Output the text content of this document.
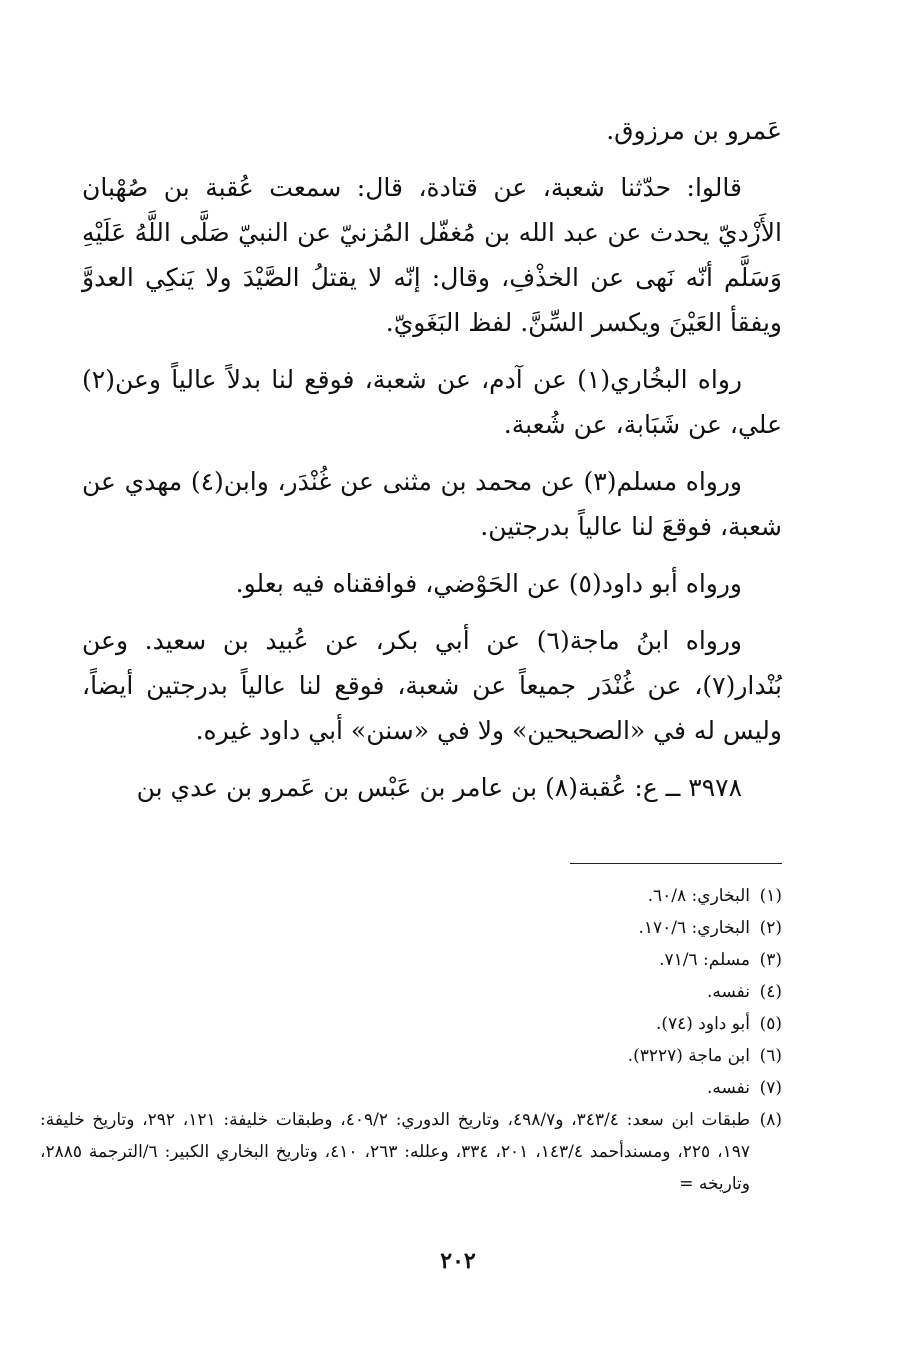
عَمرو بن مرزوق.

قالوا: حدّثنا شعبة، عن قتادة، قال: سمعت عُقبة بن صُهْبان الأَزْديّ يحدث عن عبد الله بن مُغفّل المُزنيّ عن النبيّ صَلَّى اللَّهُ عَلَيْهِ وَسَلَّم أنّه نَهى عن الخذْفِ، وقال: إنّه لا يقتلُ الصَّيْدَ ولا يَنكِي العدوَّ ويفقأ العَيْنَ ويكسر السِّنَّ. لفظ البَغَويّ.

رواه البخُاري(١) عن آدم، عن شعبة، فوقع لنا بدلاً عالياً وعن(٢) علي، عن شَبَابة، عن شُعبة.

ورواه مسلم(٣) عن محمد بن مثنى عن غُنْدَر، وابن(٤) مهدي عن شعبة، فوقعَ لنا عالياً بدرجتين.

ورواه أبو داود(٥) عن الحَوْضي، فوافقناه فيه بعلو.

ورواه ابنُ ماجة(٦) عن أبي بكر، عن عُبيد بن سعيد. وعن بُنْدار(٧)، عن غُنْدَر جميعاً عن شعبة، فوقع لنا عالياً بدرجتين أيضاً، وليس له في «الصحيحين» ولا في «سنن» أبي داود غيره.

٣٩٧٨ ــ ع: عُقبة(٨) بن عامر بن عَبْس بن عَمرو بن عدي بن

(١)البخاري: ٦٠/٨.

(٢)البخاري: ١٧٠/٦.

(٣)مسلم: ٧١/٦.

(٤)نفسه.

(٥)أبو داود (٧٤).

(٦)ابن ماجة (٣٢٢٧).

(٧)نفسه.

(٨)طبقات ابن سعد: ٣٤٣/٤، و٤٩٨/٧، وتاريخ الدوري: ٤٠٩/٢، وطبقات خليفة: ١٢١، ٢٩٢، وتاريخ خليفة: ١٩٧، ٢٢٥، ومسندأحمد ١٤٣/٤، ٢٠١، ٣٣٤، وعلله: ٢٦٣، ٤١٠، وتاريخ البخاري الكبير: ٦/الترجمة ٢٨٨٥، وتاريخه =

٢٠٢
